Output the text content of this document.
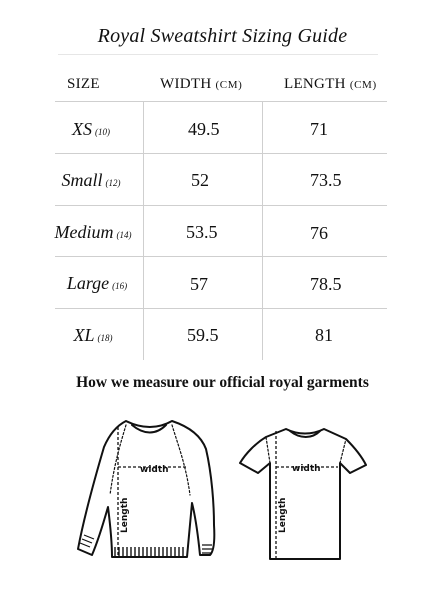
Royal Sweatshirt Sizing Guide
SIZE	WIDTH (CM)	LENGTH (CM)
XS (10)	49.5	71
Small (12)	52	73.5
Medium (14)	53.5	76
Large (16)	57	78.5
XL (18)	59.5	81
How we measure our official royal garments
width
Length
width
Length
